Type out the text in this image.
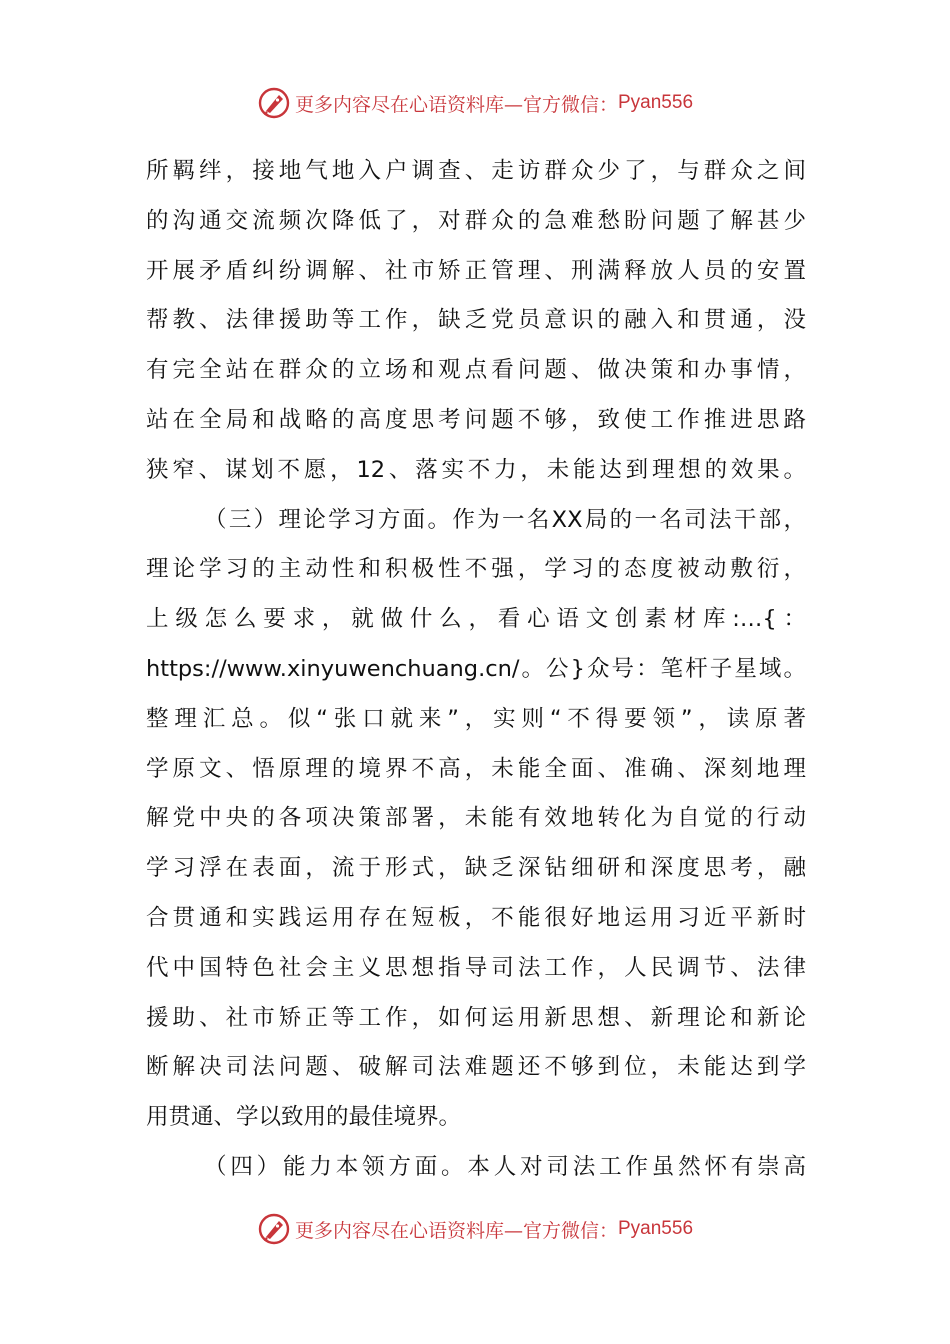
更多内容尽在心语资料库—官方微信： Pyan556
所羁绊，接地气地入户调查、走访群众少了，与群众之间
的沟通交流频次降低了，对群众的急难愁盼问题了解甚少
开展矛盾纠纷调解、社市矫正管理、刑满释放人员的安置
帮教、法律援助等工作，缺乏党员意识的融入和贯通，没
有完全站在群众的立场和观点看问题、做决策和办事情，
站在全局和战略的高度思考问题不够，致使工作推进思路
狭窄、谋划不愿，12、落实不力，未能达到理想的效果。
（三）理论学习方面。作为一名XX局的一名司法干部，
理论学习的主动性和积极性不强，学习的态度被动敷衍，
上级怎么要求，就做什么，看心语文创素材库:…{：
https://www.xinyuwenchuang.cn/。公}众号：笔杆子星域。
整理汇总。似“张口就来”，实则“不得要领”，读原著
学原文、悟原理的境界不高，未能全面、准确、深刻地理
解党中央的各项决策部署，未能有效地转化为自觉的行动
学习浮在表面，流于形式，缺乏深钻细研和深度思考，融
合贯通和实践运用存在短板，不能很好地运用习近平新时
代中国特色社会主义思想指导司法工作，人民调节、法律
援助、社市矫正等工作，如何运用新思想、新理论和新论
断解决司法问题、破解司法难题还不够到位，未能达到学
用贯通、学以致用的最佳境界。
（四）能力本领方面。本人对司法工作虽然怀有崇高
更多内容尽在心语资料库—官方微信： Pyan556
